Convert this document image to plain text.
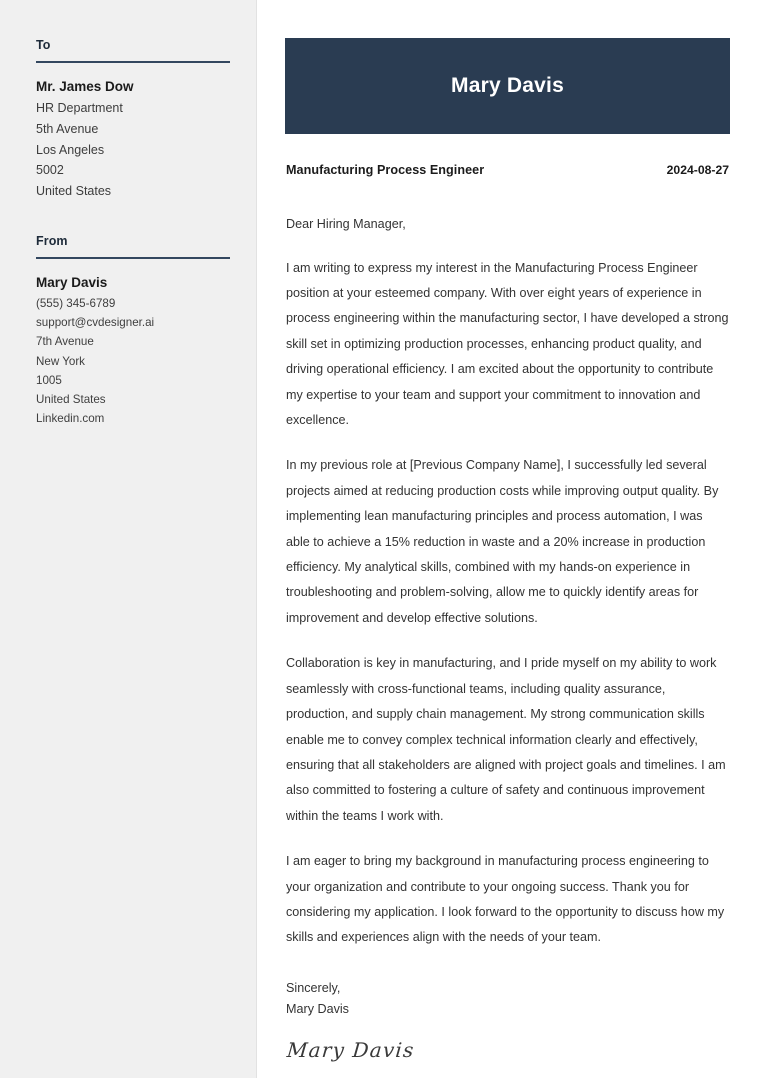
To
Mr. James Dow
HR Department
5th Avenue
Los Angeles
5002
United States
From
Mary Davis
(555) 345-6789
support@cvdesigner.ai
7th Avenue
New York
1005
United States
Linkedin.com
Mary Davis
Manufacturing Process Engineer	2024-08-27
Dear Hiring Manager,

I am writing to express my interest in the Manufacturing Process Engineer position at your esteemed company. With over eight years of experience in process engineering within the manufacturing sector, I have developed a strong skill set in optimizing production processes, enhancing product quality, and driving operational efficiency. I am excited about the opportunity to contribute my expertise to your team and support your commitment to innovation and excellence.

In my previous role at [Previous Company Name], I successfully led several projects aimed at reducing production costs while improving output quality. By implementing lean manufacturing principles and process automation, I was able to achieve a 15% reduction in waste and a 20% increase in production efficiency. My analytical skills, combined with my hands-on experience in troubleshooting and problem-solving, allow me to quickly identify areas for improvement and develop effective solutions.

Collaboration is key in manufacturing, and I pride myself on my ability to work seamlessly with cross-functional teams, including quality assurance, production, and supply chain management. My strong communication skills enable me to convey complex technical information clearly and effectively, ensuring that all stakeholders are aligned with project goals and timelines. I am also committed to fostering a culture of safety and continuous improvement within the teams I work with.

I am eager to bring my background in manufacturing process engineering to your organization and contribute to your ongoing success. Thank you for considering my application. I look forward to the opportunity to discuss how my skills and experiences align with the needs of your team.

Sincerely,
Mary Davis
Mary Davis
